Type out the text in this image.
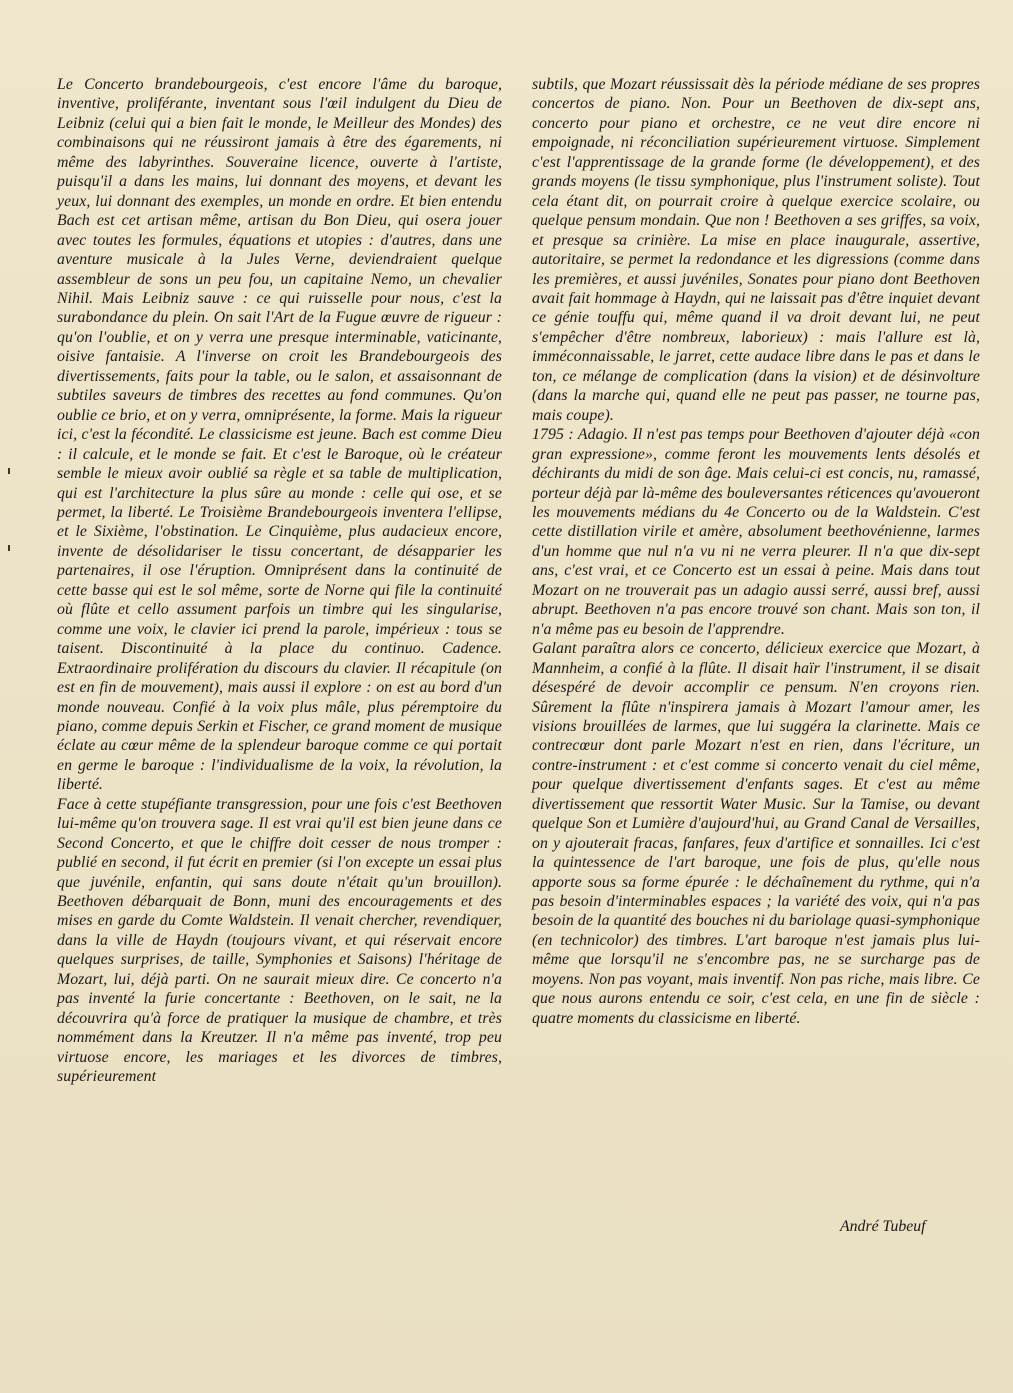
Le Concerto brandebourgeois, c'est encore l'âme du baroque, inventive, proliférante, inventant sous l'œil indulgent du Dieu de Leibniz (celui qui a bien fait le monde, le Meilleur des Mondes) des combinaisons qui ne réussiront jamais à être des égarements, ni même des labyrinthes. Souveraine licence, ouverte à l'artiste, puisqu'il a dans les mains, lui donnant des moyens, et devant les yeux, lui donnant des exemples, un monde en ordre. Et bien entendu Bach est cet artisan même, artisan du Bon Dieu, qui osera jouer avec toutes les formules, équations et utopies : d'autres, dans une aventure musicale à la Jules Verne, deviendraient quelque assembleur de sons un peu fou, un capitaine Nemo, un chevalier Nihil. Mais Leibniz sauve : ce qui ruisselle pour nous, c'est la surabondance du plein. On sait l'Art de la Fugue œuvre de rigueur : qu'on l'oublie, et on y verra une presque interminable, vaticinante, oisive fantaisie. A l'inverse on croit les Brandebourgeois des divertissements, faits pour la table, ou le salon, et assaisonnant de subtiles saveurs de timbres des recettes au fond communes. Qu'on oublie ce brio, et on y verra, omniprésente, la forme. Mais la rigueur ici, c'est la fécondité. Le classicisme est jeune. Bach est comme Dieu : il calcule, et le monde se fait. Et c'est le Baroque, où le créateur semble le mieux avoir oublié sa règle et sa table de multiplication, qui est l'architecture la plus sûre au monde : celle qui ose, et se permet, la liberté. Le Troisième Brandebourgeois inventera l'ellipse, et le Sixième, l'obstination. Le Cinquième, plus audacieux encore, invente de désolidariser le tissu concertant, de désapparier les partenaires, il ose l'éruption. Omniprésent dans la continuité de cette basse qui est le sol même, sorte de Norne qui file la continuité où flûte et cello assument parfois un timbre qui les singularise, comme une voix, le clavier ici prend la parole, impérieux : tous se taisent. Discontinuité à la place du continuo. Cadence. Extraordinaire prolifération du discours du clavier. Il récapitule (on est en fin de mouvement), mais aussi il explore : on est au bord d'un monde nouveau. Confié à la voix plus mâle, plus péremptoire du piano, comme depuis Serkin et Fischer, ce grand moment de musique éclate au cœur même de la splendeur baroque comme ce qui portait en germe le baroque : l'individualisme de la voix, la révolution, la liberté.

Face à cette stupéfiante transgression, pour une fois c'est Beethoven lui-même qu'on trouvera sage. Il est vrai qu'il est bien jeune dans ce Second Concerto, et que le chiffre doit cesser de nous tromper : publié en second, il fut écrit en premier (si l'on excepte un essai plus que juvénile, enfantin, qui sans doute n'était qu'un brouillon). Beethoven débarquait de Bonn, muni des encouragements et des mises en garde du Comte Waldstein. Il venait chercher, revendiquer, dans la ville de Haydn (toujours vivant, et qui réservait encore quelques surprises, de taille, Symphonies et Saisons) l'héritage de Mozart, lui, déjà parti. On ne saurait mieux dire. Ce concerto n'a pas inventé la furie concertante : Beethoven, on le sait, ne la découvrira qu'à force de pratiquer la musique de chambre, et très nommément dans la Kreutzer. Il n'a même pas inventé, trop peu virtuose encore, les mariages et les divorces de timbres, supérieurement

subtils, que Mozart réussissait dès la période médiane de ses propres concertos de piano. Non. Pour un Beethoven de dix-sept ans, concerto pour piano et orchestre, ce ne veut dire encore ni empoignade, ni réconciliation supérieurement virtuose. Simplement c'est l'apprentissage de la grande forme (le développement), et des grands moyens (le tissu symphonique, plus l'instrument soliste). Tout cela étant dit, on pourrait croire à quelque exercice scolaire, ou quelque pensum mondain. Que non ! Beethoven a ses griffes, sa voix, et presque sa crinière. La mise en place inaugurale, assertive, autoritaire, se permet la redondance et les digressions (comme dans les premières, et aussi juvéniles, Sonates pour piano dont Beethoven avait fait hommage à Haydn, qui ne laissait pas d'être inquiet devant ce génie touffu qui, même quand il va droit devant lui, ne peut s'empêcher d'être nombreux, laborieux) : mais l'allure est là, imméconnaissable, le jarret, cette audace libre dans le pas et dans le ton, ce mélange de complication (dans la vision) et de désinvolture (dans la marche qui, quand elle ne peut pas passer, ne tourne pas, mais coupe).

1795 : Adagio. Il n'est pas temps pour Beethoven d'ajouter déjà «con gran expressione», comme feront les mouvements lents désolés et déchirants du midi de son âge. Mais celui-ci est concis, nu, ramassé, porteur déjà par là-même des bouleversantes réticences qu'avoueront les mouvements médians du 4e Concerto ou de la Waldstein. C'est cette distillation virile et amère, absolument beethovénienne, larmes d'un homme que nul n'a vu ni ne verra pleurer. Il n'a que dix-sept ans, c'est vrai, et ce Concerto est un essai à peine. Mais dans tout Mozart on ne trouverait pas un adagio aussi serré, aussi bref, aussi abrupt. Beethoven n'a pas encore trouvé son chant. Mais son ton, il n'a même pas eu besoin de l'apprendre.

Galant paraîtra alors ce concerto, délicieux exercice que Mozart, à Mannheim, a confié à la flûte. Il disait haïr l'instrument, il se disait désespéré de devoir accomplir ce pensum. N'en croyons rien. Sûrement la flûte n'inspirera jamais à Mozart l'amour amer, les visions brouillées de larmes, que lui suggéra la clarinette. Mais ce contrecœur dont parle Mozart n'est en rien, dans l'écriture, un contre-instrument : et c'est comme si concerto venait du ciel même, pour quelque divertissement d'enfants sages. Et c'est au même divertissement que ressortit Water Music. Sur la Tamise, ou devant quelque Son et Lumière d'aujourd'hui, au Grand Canal de Versailles, on y ajouterait fracas, fanfares, feux d'artifice et sonnailles. Ici c'est la quintessence de l'art baroque, une fois de plus, qu'elle nous apporte sous sa forme épurée : le déchaînement du rythme, qui n'a pas besoin d'interminables espaces ; la variété des voix, qui n'a pas besoin de la quantité des bouches ni du bariolage quasi-symphonique (en technicolor) des timbres. L'art baroque n'est jamais plus lui-même que lorsqu'il ne s'encombre pas, ne se surcharge pas de moyens. Non pas voyant, mais inventif. Non pas riche, mais libre. Ce que nous aurons entendu ce soir, c'est cela, en une fin de siècle : quatre moments du classicisme en liberté.

André Tubeuf
